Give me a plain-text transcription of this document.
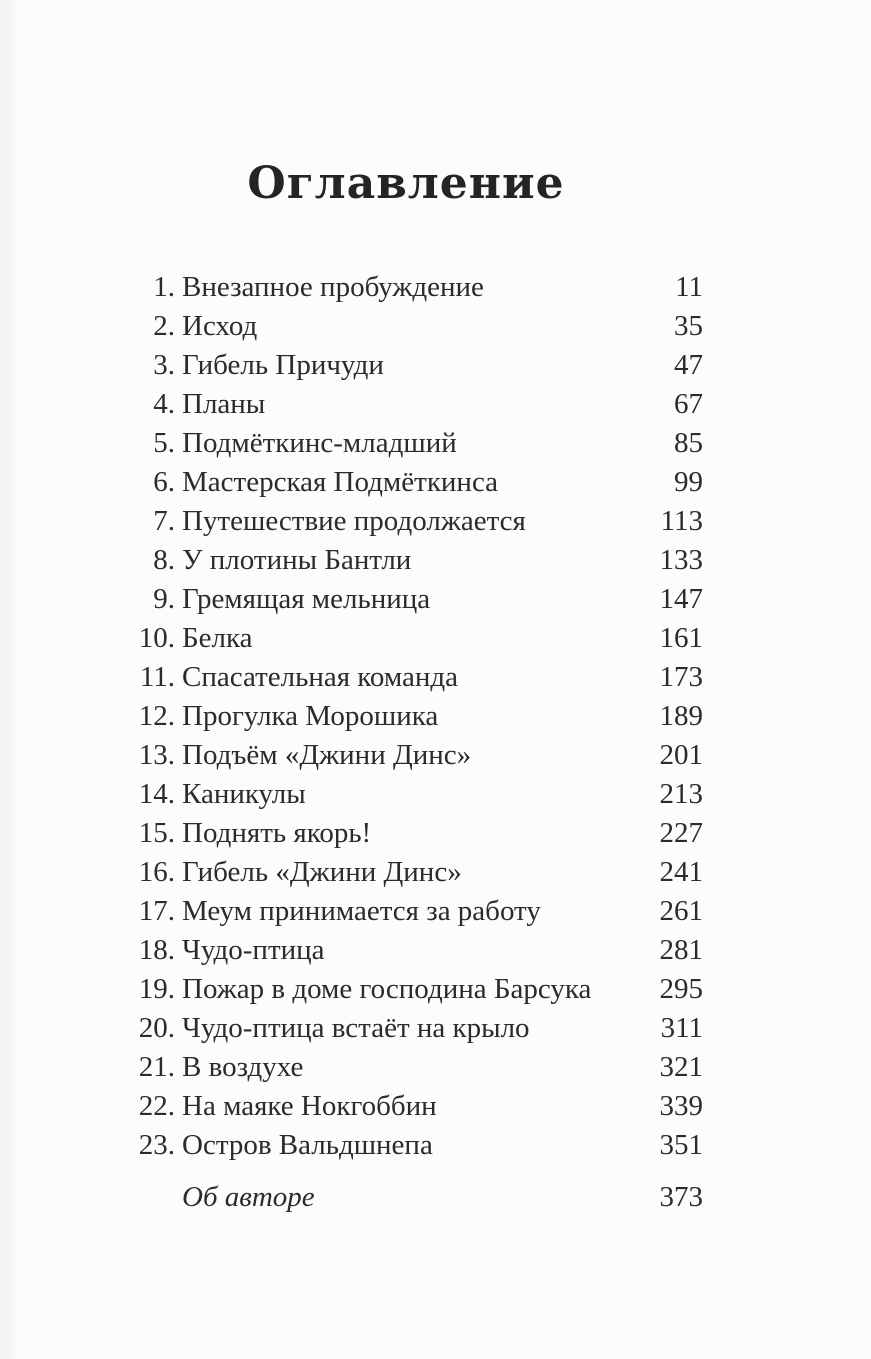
Оглавление
1. Внезапное пробуждение	11
2. Исход	35
3. Гибель Причуди	47
4. Планы	67
5. Подмёткинс-младший	85
6. Мастерская Подмёткинса	99
7. Путешествие продолжается	113
8. У плотины Бантли	133
9. Гремящая мельница	147
10. Белка	161
11. Спасательная команда	173
12. Прогулка Морошика	189
13. Подъём «Джини Динс»	201
14. Каникулы	213
15. Поднять якорь!	227
16. Гибель «Джини Динс»	241
17. Меум принимается за работу	261
18. Чудо-птица	281
19. Пожар в доме господина Барсука 295
20. Чудо-птица встаёт на крыло	311
21. В воздухе	321
22. На маяке Нокгоббин	339
23. Остров Вальдшнепа	351
Об авторе	373
